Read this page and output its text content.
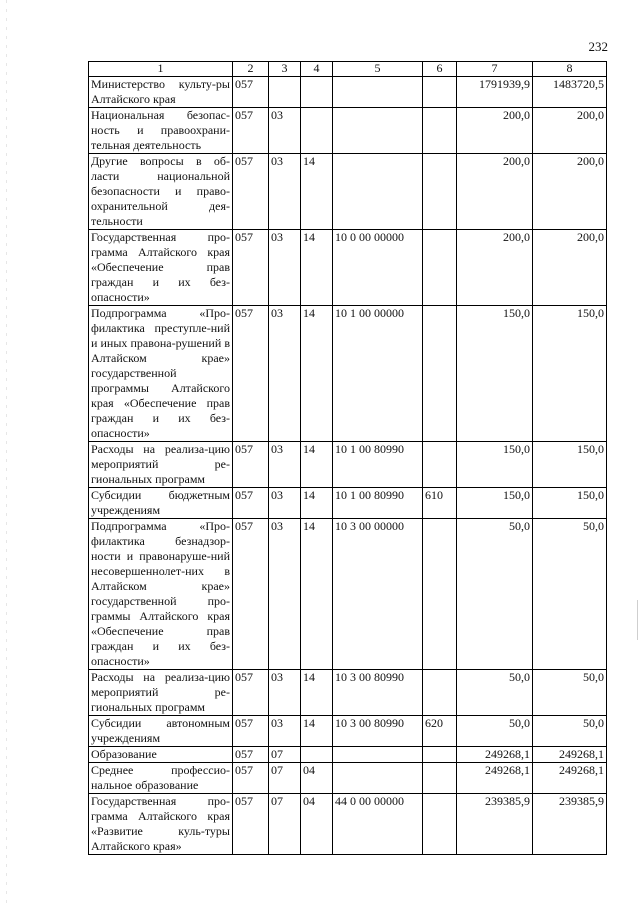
232
1	2	3	4	5	6	7	8
Министерство культу-ры Алтайского края	057					1791939,9	1483720,5
Национальная безопас-ность и правоохрани-тельная деятельность	057	03				200,0	200,0
Другие вопросы в об-ласти национальной безопасности и право-охранительной дея-тельности	057	03	14			200,0	200,0
Государственная про-грамма Алтайского края «Обеспечение прав граждан и их без-опасности»	057	03	14	10 0 00 00000		200,0	200,0
Подпрограмма «Про-филактика преступле-ний и иных правона-рушений в Алтайском крае» государственной программы Алтайского края «Обеспечение прав граждан и их без-опасности»	057	03	14	10 1 00 00000		150,0	150,0
Расходы на реализа-цию мероприятий ре-гиональных программ	057	03	14	10 1 00 80990		150,0	150,0
Субсидии бюджетным учреждениям	057	03	14	10 1 00 80990	610	150,0	150,0
Подпрограмма «Про-филактика безнадзор-ности и правонаруше-ний несовершеннолет-них в Алтайском крае» государственной про-граммы Алтайского края «Обеспечение прав граждан и их без-опасности»	057	03	14	10 3 00 00000		50,0	50,0
Расходы на реализа-цию мероприятий ре-гиональных программ	057	03	14	10 3 00 80990		50,0	50,0
Субсидии автономным учреждениям	057	03	14	10 3 00 80990	620	50,0	50,0
Образование	057	07				249268,1	249268,1
Среднее профессио-нальное образование	057	07	04			249268,1	249268,1
Государственная про-грамма Алтайского края «Развитие куль-туры Алтайского края»	057	07	04	44 0 00 00000		239385,9	239385,9
